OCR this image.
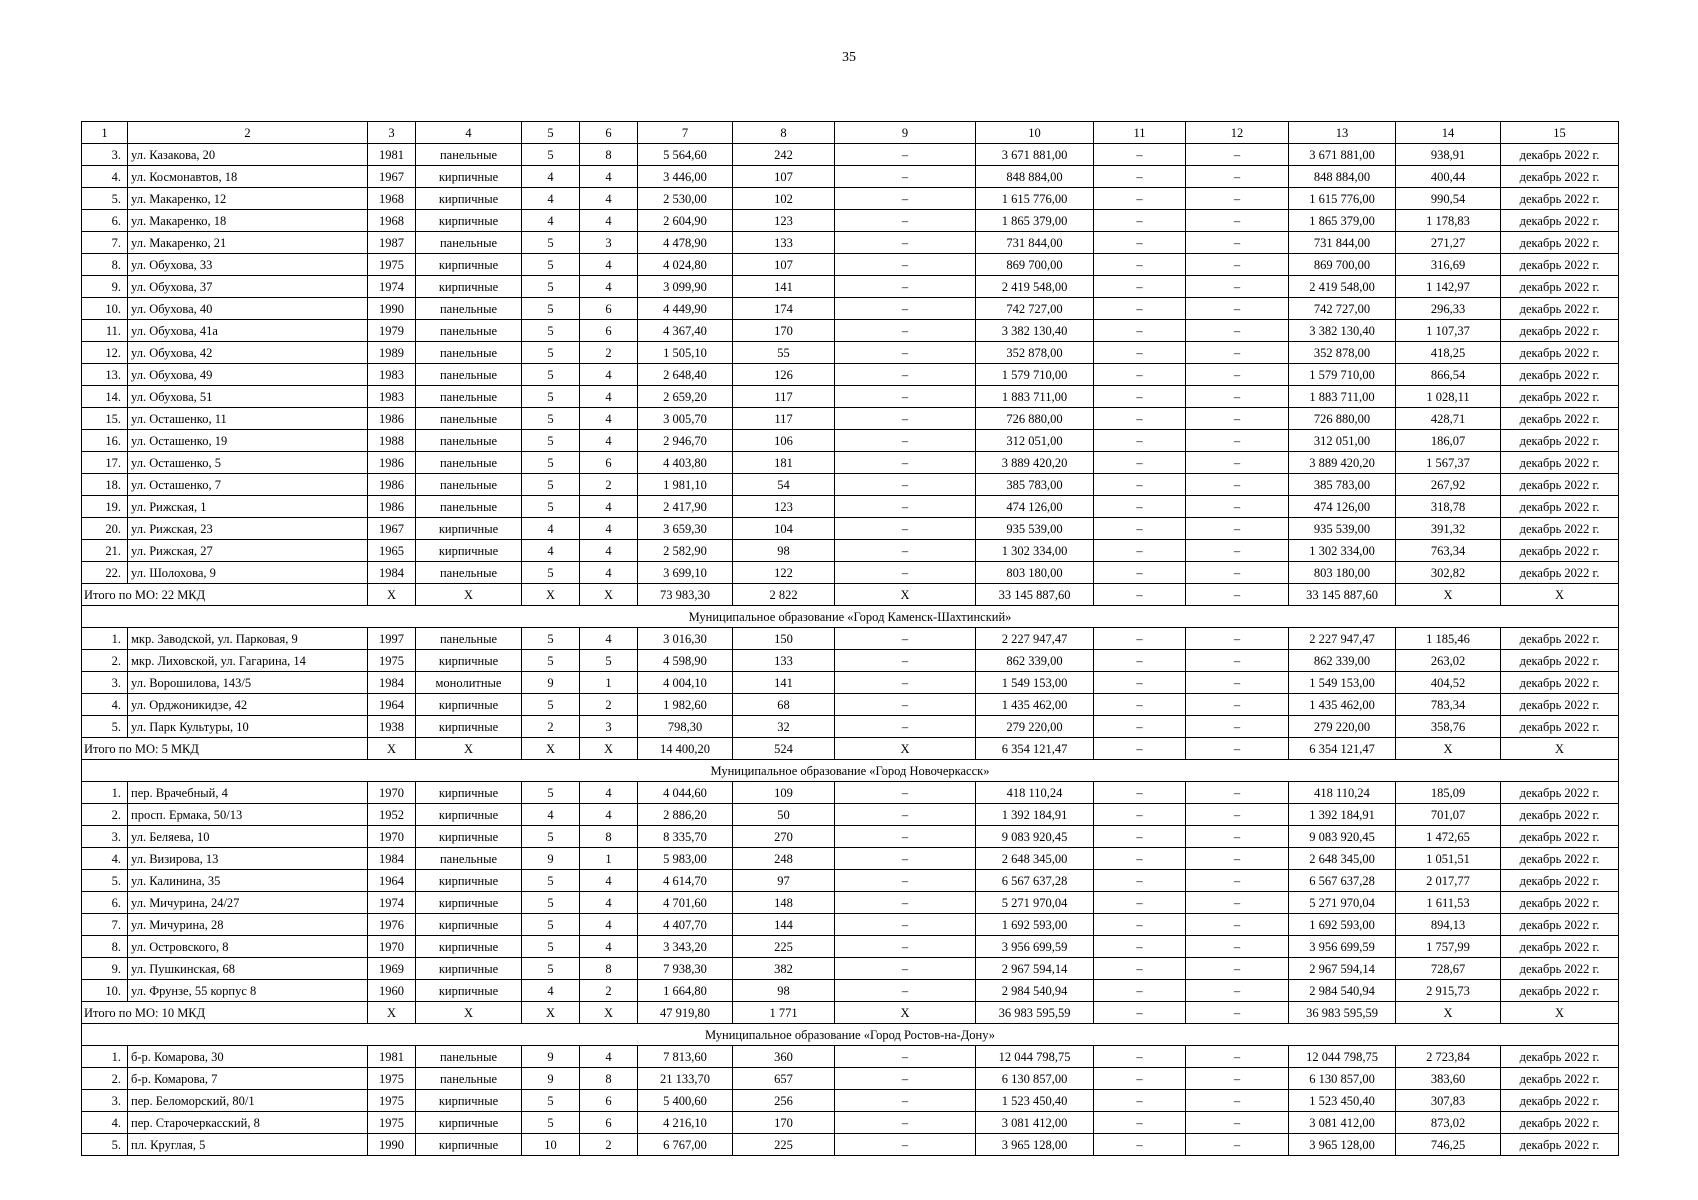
35
1	2	3	4	5	6	7	8	9	10	11	12	13	14	15
3.	ул. Казакова, 20	1981	панельные	5	8	5 564,60	242	–	3 671 881,00	–	–	3 671 881,00	938,91	декабрь 2022 г.
4.	ул. Космонавтов, 18	1967	кирпичные	4	4	3 446,00	107	–	848 884,00	–	–	848 884,00	400,44	декабрь 2022 г.
5.	ул. Макаренко, 12	1968	кирпичные	4	4	2 530,00	102	–	1 615 776,00	–	–	1 615 776,00	990,54	декабрь 2022 г.
6.	ул. Макаренко, 18	1968	кирпичные	4	4	2 604,90	123	–	1 865 379,00	–	–	1 865 379,00	1 178,83	декабрь 2022 г.
7.	ул. Макаренко, 21	1987	панельные	5	3	4 478,90	133	–	731 844,00	–	–	731 844,00	271,27	декабрь 2022 г.
8.	ул. Обухова, 33	1975	кирпичные	5	4	4 024,80	107	–	869 700,00	–	–	869 700,00	316,69	декабрь 2022 г.
9.	ул. Обухова, 37	1974	кирпичные	5	4	3 099,90	141	–	2 419 548,00	–	–	2 419 548,00	1 142,97	декабрь 2022 г.
10.	ул. Обухова, 40	1990	панельные	5	6	4 449,90	174	–	742 727,00	–	–	742 727,00	296,33	декабрь 2022 г.
11.	ул. Обухова, 41а	1979	панельные	5	6	4 367,40	170	–	3 382 130,40	–	–	3 382 130,40	1 107,37	декабрь 2022 г.
12.	ул. Обухова, 42	1989	панельные	5	2	1 505,10	55	–	352 878,00	–	–	352 878,00	418,25	декабрь 2022 г.
13.	ул. Обухова, 49	1983	панельные	5	4	2 648,40	126	–	1 579 710,00	–	–	1 579 710,00	866,54	декабрь 2022 г.
14.	ул. Обухова, 51	1983	панельные	5	4	2 659,20	117	–	1 883 711,00	–	–	1 883 711,00	1 028,11	декабрь 2022 г.
15.	ул. Осташенко, 11	1986	панельные	5	4	3 005,70	117	–	726 880,00	–	–	726 880,00	428,71	декабрь 2022 г.
16.	ул. Осташенко, 19	1988	панельные	5	4	2 946,70	106	–	312 051,00	–	–	312 051,00	186,07	декабрь 2022 г.
17.	ул. Осташенко, 5	1986	панельные	5	6	4 403,80	181	–	3 889 420,20	–	–	3 889 420,20	1 567,37	декабрь 2022 г.
18.	ул. Осташенко, 7	1986	панельные	5	2	1 981,10	54	–	385 783,00	–	–	385 783,00	267,92	декабрь 2022 г.
19.	ул. Рижская, 1	1986	панельные	5	4	2 417,90	123	–	474 126,00	–	–	474 126,00	318,78	декабрь 2022 г.
20.	ул. Рижская, 23	1967	кирпичные	4	4	3 659,30	104	–	935 539,00	–	–	935 539,00	391,32	декабрь 2022 г.
21.	ул. Рижская, 27	1965	кирпичные	4	4	2 582,90	98	–	1 302 334,00	–	–	1 302 334,00	763,34	декабрь 2022 г.
22.	ул. Шолохова, 9	1984	панельные	5	4	3 699,10	122	–	803 180,00	–	–	803 180,00	302,82	декабрь 2022 г.
Итого по МО: 22 МКД		X	X	X	X	73 983,30	2 822	X	33 145 887,60	–	–	33 145 887,60	X	X
Муниципальное образование «Город Каменск-Шахтинский»														
1.	мкр. Заводской, ул. Парковая, 9	1997	панельные	5	4	3 016,30	150	–	2 227 947,47	–	–	2 227 947,47	1 185,46	декабрь 2022 г.
2.	мкр. Лиховской, ул. Гагарина, 14	1975	кирпичные	5	5	4 598,90	133	–	862 339,00	–	–	862 339,00	263,02	декабрь 2022 г.
3.	ул. Ворошилова, 143/5	1984	монолитные	9	1	4 004,10	141	–	1 549 153,00	–	–	1 549 153,00	404,52	декабрь 2022 г.
4.	ул. Орджоникидзе, 42	1964	кирпичные	5	2	1 982,60	68	–	1 435 462,00	–	–	1 435 462,00	783,34	декабрь 2022 г.
5.	ул. Парк Культуры, 10	1938	кирпичные	2	3	798,30	32	–	279 220,00	–	–	279 220,00	358,76	декабрь 2022 г.
Итого по МО: 5 МКД		X	X	X	X	14 400,20	524	X	6 354 121,47	–	–	6 354 121,47	X	X
Муниципальное образование «Город Новочеркасск»														
1.	пер. Врачебный, 4	1970	кирпичные	5	4	4 044,60	109	–	418 110,24	–	–	418 110,24	185,09	декабрь 2022 г.
2.	просп. Ермака, 50/13	1952	кирпичные	4	4	2 886,20	50	–	1 392 184,91	–	–	1 392 184,91	701,07	декабрь 2022 г.
3.	ул. Беляева, 10	1970	кирпичные	5	8	8 335,70	270	–	9 083 920,45	–	–	9 083 920,45	1 472,65	декабрь 2022 г.
4.	ул. Визирова, 13	1984	панельные	9	1	5 983,00	248	–	2 648 345,00	–	–	2 648 345,00	1 051,51	декабрь 2022 г.
5.	ул. Калинина, 35	1964	кирпичные	5	4	4 614,70	97	–	6 567 637,28	–	–	6 567 637,28	2 017,77	декабрь 2022 г.
6.	ул. Мичурина, 24/27	1974	кирпичные	5	4	4 701,60	148	–	5 271 970,04	–	–	5 271 970,04	1 611,53	декабрь 2022 г.
7.	ул. Мичурина, 28	1976	кирпичные	5	4	4 407,70	144	–	1 692 593,00	–	–	1 692 593,00	894,13	декабрь 2022 г.
8.	ул. Островского, 8	1970	кирпичные	5	4	3 343,20	225	–	3 956 699,59	–	–	3 956 699,59	1 757,99	декабрь 2022 г.
9.	ул. Пушкинская, 68	1969	кирпичные	5	8	7 938,30	382	–	2 967 594,14	–	–	2 967 594,14	728,67	декабрь 2022 г.
10.	ул. Фрунзе, 55 корпус 8	1960	кирпичные	4	2	1 664,80	98	–	2 984 540,94	–	–	2 984 540,94	2 915,73	декабрь 2022 г.
Итого по МО: 10 МКД		X	X	X	X	47 919,80	1 771	X	36 983 595,59	–	–	36 983 595,59	X	X
Муниципальное образование «Город Ростов-на-Дону»														
1.	б-р. Комарова, 30	1981	панельные	9	4	7 813,60	360	–	12 044 798,75	–	–	12 044 798,75	2 723,84	декабрь 2022 г.
2.	б-р. Комарова, 7	1975	панельные	9	8	21 133,70	657	–	6 130 857,00	–	–	6 130 857,00	383,60	декабрь 2022 г.
3.	пер. Беломорский, 80/1	1975	кирпичные	5	6	5 400,60	256	–	1 523 450,40	–	–	1 523 450,40	307,83	декабрь 2022 г.
4.	пер. Старочеркасский, 8	1975	кирпичные	5	6	4 216,10	170	–	3 081 412,00	–	–	3 081 412,00	873,02	декабрь 2022 г.
5.	пл. Круглая, 5	1990	кирпичные	10	2	6 767,00	225	–	3 965 128,00	–	–	3 965 128,00	746,25	декабрь 2022 г.
